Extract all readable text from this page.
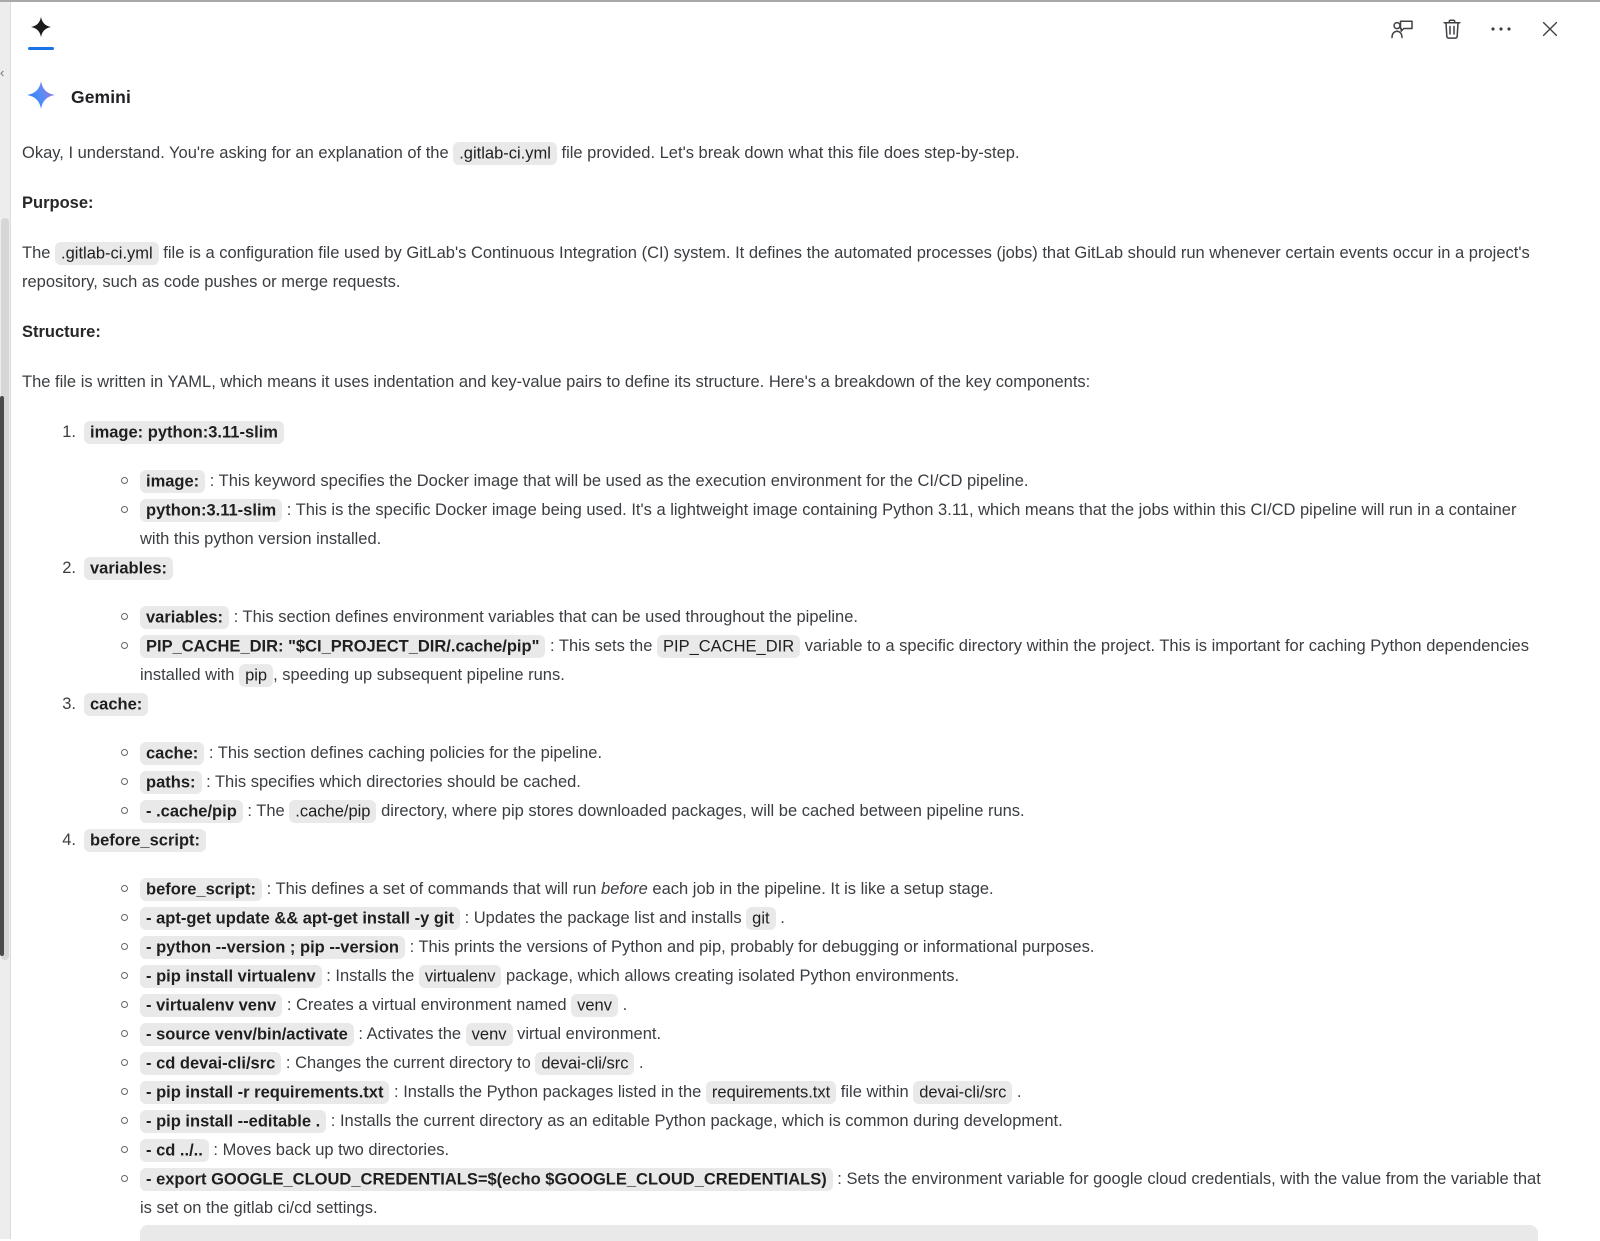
‹
Gemini

Okay, I understand. You're asking for an explanation of the .gitlab-ci.yml file provided. Let's break down what this file does step-by-step.

Purpose:

The .gitlab-ci.yml file is a configuration file used by GitLab's Continuous Integration (CI) system. It defines the automated processes (jobs) that GitLab should run whenever certain events occur in a project's repository, such as code pushes or merge requests.

Structure:

The file is written in YAML, which means it uses indentation and key-value pairs to define its structure. Here's a breakdown of the key components:

1. image: python:3.11-slim
image: : This keyword specifies the Docker image that will be used as the execution environment for the CI/CD pipeline.
python:3.11-slim : This is the specific Docker image being used. It's a lightweight image containing Python 3.11, which means that the jobs within this CI/CD pipeline will run in a container with this python version installed.
2. variables:
variables: : This section defines environment variables that can be used throughout the pipeline.
PIP_CACHE_DIR: "$CI_PROJECT_DIR/.cache/pip" : This sets the PIP_CACHE_DIR variable to a specific directory within the project. This is important for caching Python dependencies installed with pip , speeding up subsequent pipeline runs.
3. cache:
cache: : This section defines caching policies for the pipeline.
paths: : This specifies which directories should be cached.
- .cache/pip : The .cache/pip directory, where pip stores downloaded packages, will be cached between pipeline runs.
4. before_script:
before_script: : This defines a set of commands that will run before each job in the pipeline. It is like a setup stage.
- apt-get update && apt-get install -y git : Updates the package list and installs git .
- python --version ; pip --version : This prints the versions of Python and pip, probably for debugging or informational purposes.
- pip install virtualenv : Installs the virtualenv package, which allows creating isolated Python environments.
- virtualenv venv : Creates a virtual environment named venv .
- source venv/bin/activate : Activates the venv virtual environment.
- cd devai-cli/src : Changes the current directory to devai-cli/src .
- pip install -r requirements.txt : Installs the Python packages listed in the requirements.txt file within devai-cli/src .
- pip install --editable . : Installs the current directory as an editable Python package, which is common during development.
- cd ../.. : Moves back up two directories.
- export GOOGLE_CLOUD_CREDENTIALS=$(echo $GOOGLE_CLOUD_CREDENTIALS) : Sets the environment variable for google cloud credentials, with the value from the variable that is set on the gitlab ci/cd settings.
